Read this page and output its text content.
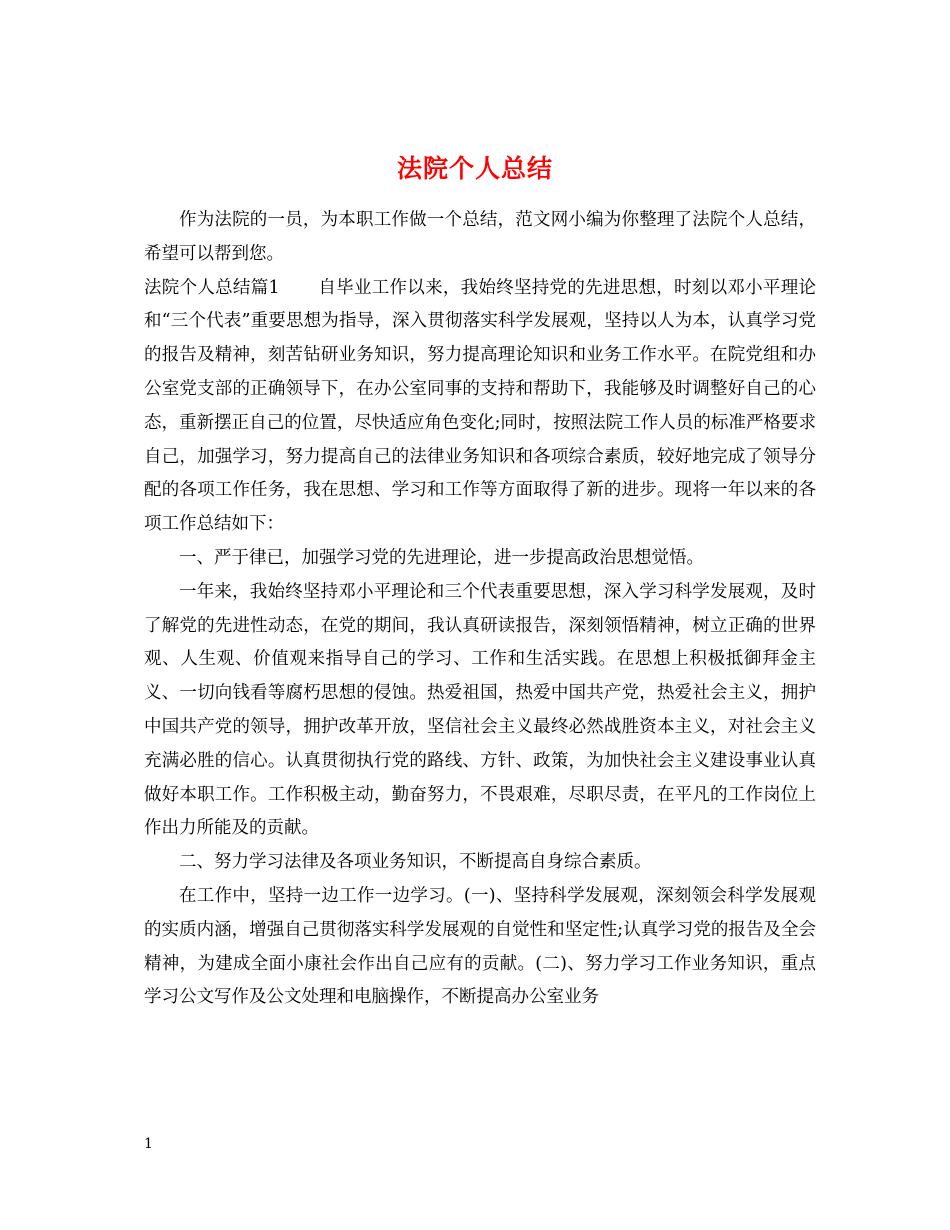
法院个人总结

作为法院的一员，为本职工作做一个总结，范文网小编为你整理了法院个人总结，希望可以帮到您。

法院个人总结篇1 自毕业工作以来，我始终坚持党的先进思想，时刻以邓小平理论和“三个代表”重要思想为指导，深入贯彻落实科学发展观，坚持以人为本，认真学习党的报告及精神，刻苦钻研业务知识，努力提高理论知识和业务工作水平。在院党组和办公室党支部的正确领导下，在办公室同事的支持和帮助下，我能够及时调整好自己的心态，重新摆正自己的位置，尽快适应角色变化;同时，按照法院工作人员的标准严格要求自己，加强学习，努力提高自己的法律业务知识和各项综合素质，较好地完成了领导分配的各项工作任务，我在思想、学习和工作等方面取得了新的进步。现将一年以来的各项工作总结如下：

一、严于律已，加强学习党的先进理论，进一步提高政治思想觉悟。

一年来，我始终坚持邓小平理论和三个代表重要思想，深入学习科学发展观，及时了解党的先进性动态，在党的期间，我认真研读报告，深刻领悟精神，树立正确的世界观、人生观、价值观来指导自己的学习、工作和生活实践。在思想上积极抵御拜金主义、一切向钱看等腐朽思想的侵蚀。热爱祖国，热爱中国共产党，热爱社会主义，拥护中国共产党的领导，拥护改革开放，坚信社会主义最终必然战胜资本主义，对社会主义充满必胜的信心。认真贯彻执行党的路线、方针、政策，为加快社会主义建设事业认真做好本职工作。工作积极主动，勤奋努力，不畏艰难，尽职尽责，在平凡的工作岗位上作出力所能及的贡献。

二、努力学习法律及各项业务知识，不断提高自身综合素质。

在工作中，坚持一边工作一边学习。(一)、坚持科学发展观，深刻领会科学发展观的实质内涵，增强自己贯彻落实科学发展观的自觉性和坚定性;认真学习党的报告及全会精神，为建成全面小康社会作出自己应有的贡献。(二)、努力学习工作业务知识，重点学习公文写作及公文处理和电脑操作，不断提高办公室业务

1
